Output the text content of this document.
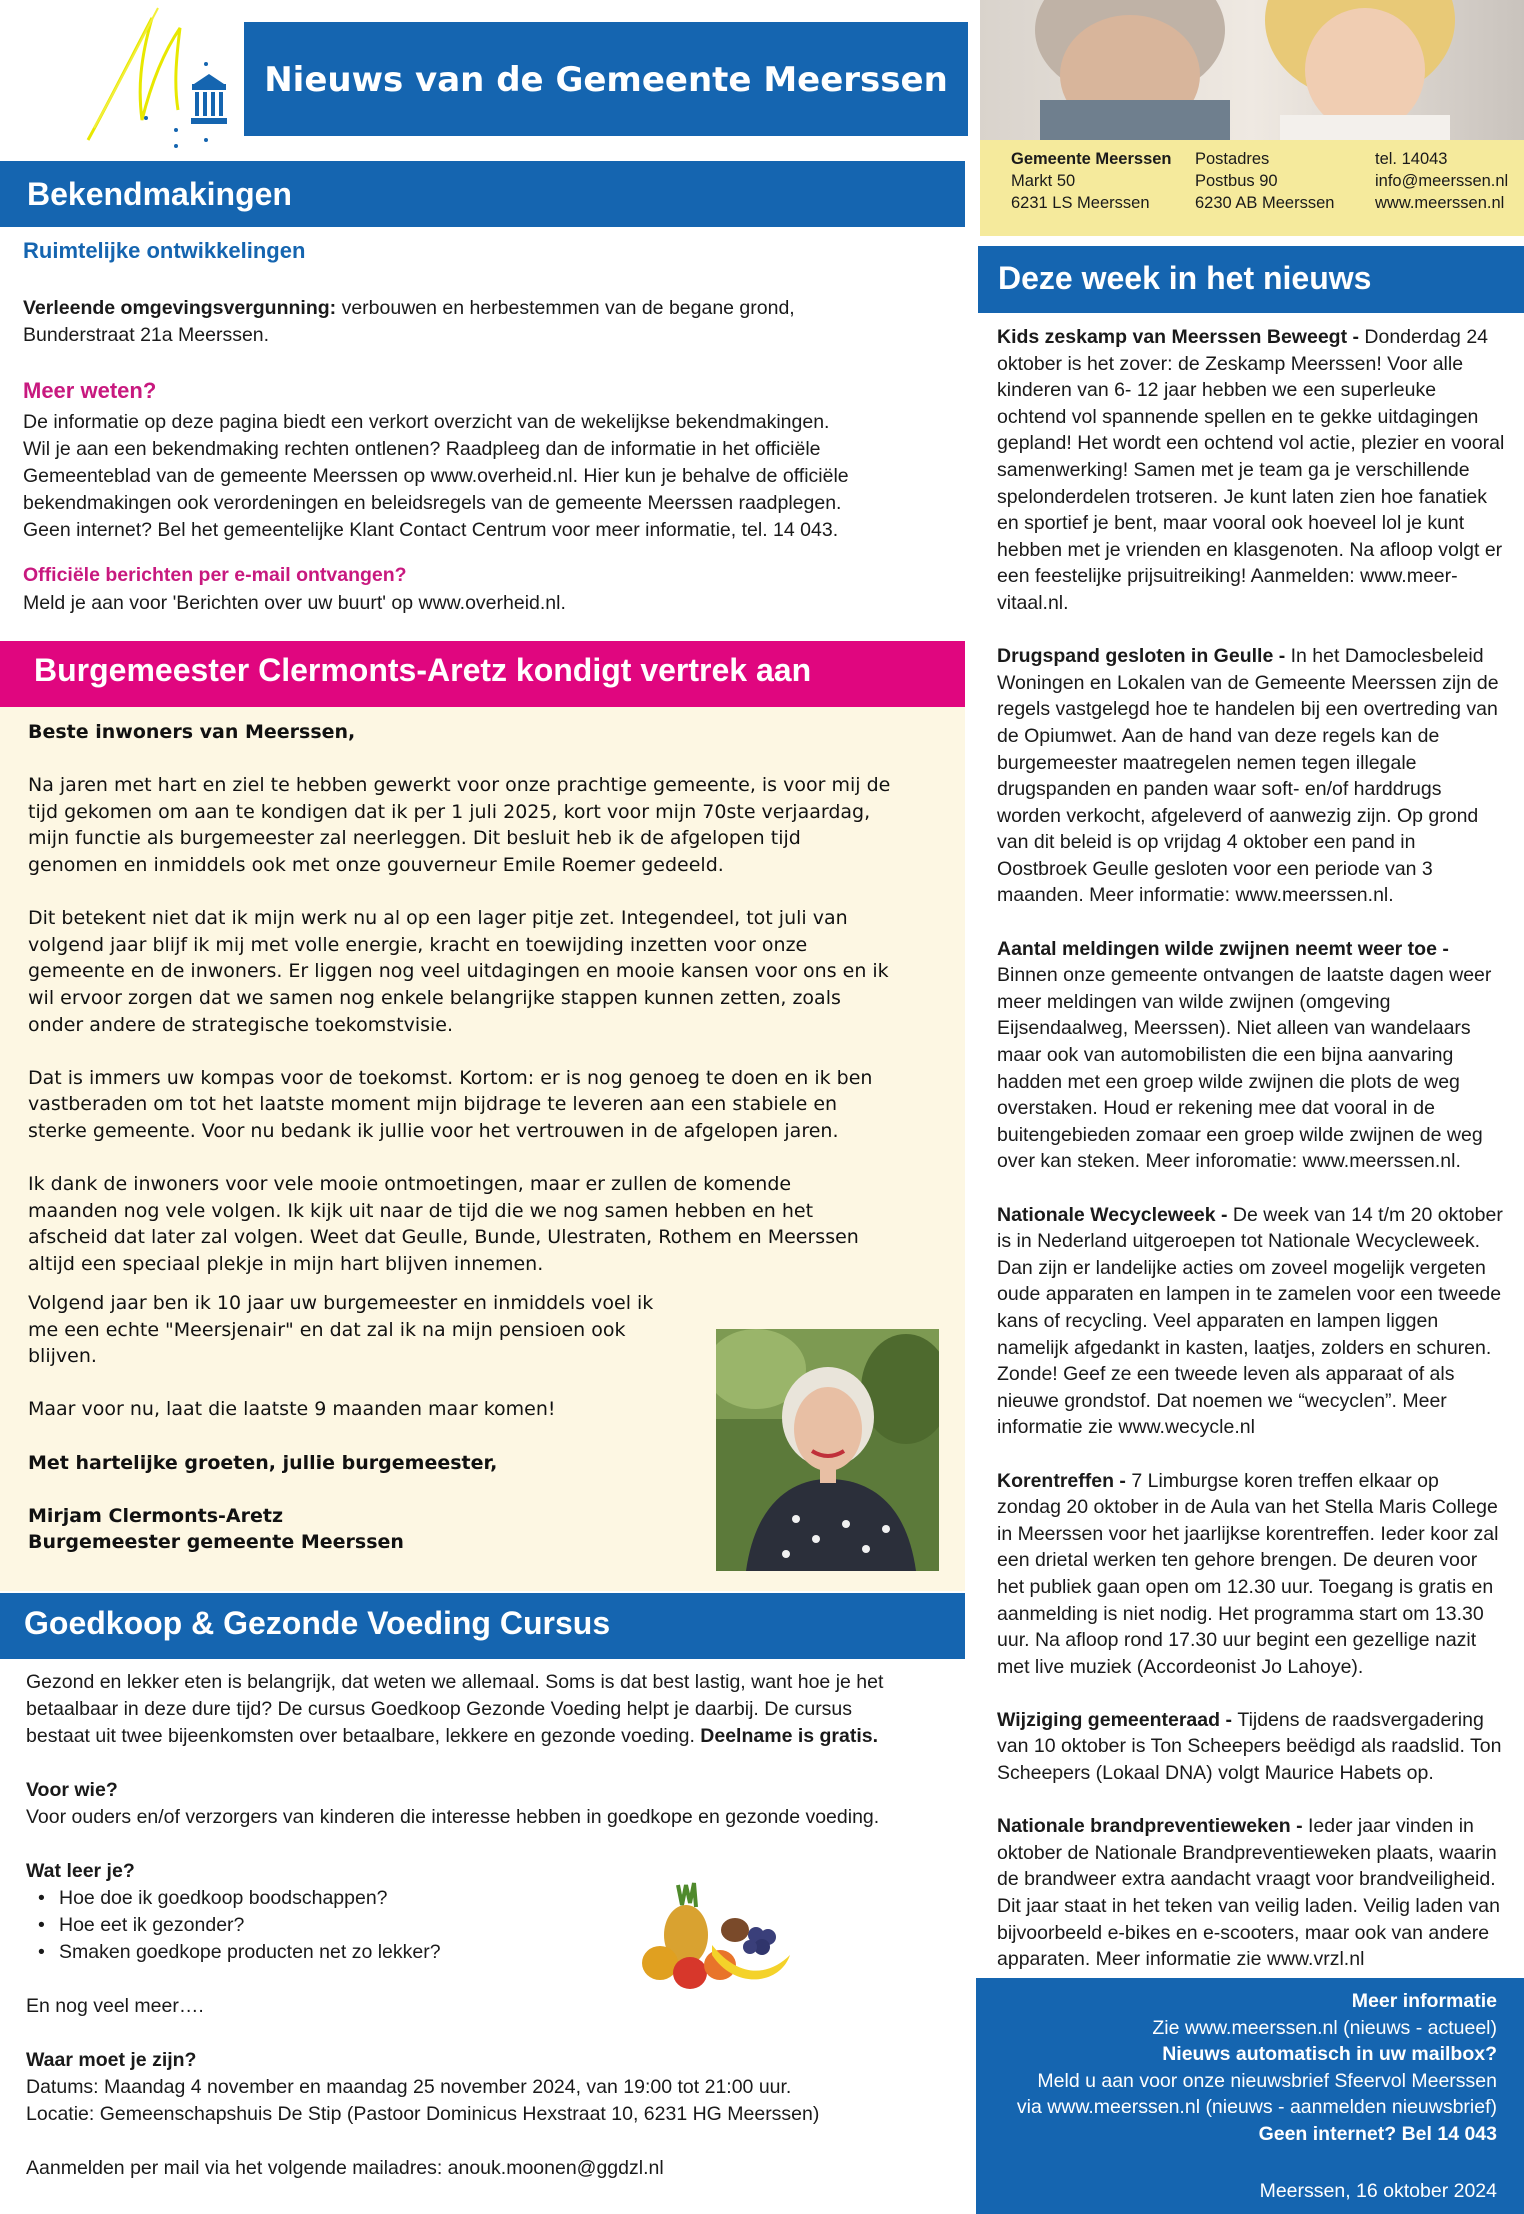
Nieuws van de Gemeente Meerssen
Gemeente Meerssen
Markt 50
6231 LS Meerssen
Postadres
Postbus 90
6230 AB Meerssen
tel. 14043
info@meerssen.nl
www.meerssen.nl
Bekendmakingen
Ruimtelijke ontwikkelingen

Verleende omgevingsvergunning: verbouwen en herbestemmen van de begane grond,

Bunderstraat 21a Meerssen.

Meer weten?

De informatie op deze pagina biedt een verkort overzicht van de wekelijkse bekendmakingen.

Wil je aan een bekendmaking rechten ontlenen? Raadpleeg dan de informatie in het officiële

Gemeenteblad van de gemeente Meerssen op www.overheid.nl. Hier kun je behalve de officiële

bekendmakingen ook verordeningen en beleidsregels van de gemeente Meerssen raadplegen.

Geen internet? Bel het gemeentelijke Klant Contact Centrum voor meer informatie, tel. 14 043.

Officiële berichten per e-mail ontvangen?
Meld je aan voor 'Berichten over uw buurt' op www.overheid.nl.
Burgemeester Clermonts-Aretz kondigt vertrek aan

Beste inwoners van Meerssen,

Na jaren met hart en ziel te hebben gewerkt voor onze prachtige gemeente, is voor mij de

tijd gekomen om aan te kondigen dat ik per 1 juli 2025, kort voor mijn 70ste verjaardag,

mijn functie als burgemeester zal neerleggen. Dit besluit heb ik de afgelopen tijd

genomen en inmiddels ook met onze gouverneur Emile Roemer gedeeld.

Dit betekent niet dat ik mijn werk nu al op een lager pitje zet. Integendeel, tot juli van

volgend jaar blijf ik mij met volle energie, kracht en toewijding inzetten voor onze

gemeente en de inwoners. Er liggen nog veel uitdagingen en mooie kansen voor ons en ik

wil ervoor zorgen dat we samen nog enkele belangrijke stappen kunnen zetten, zoals

onder andere de strategische toekomstvisie.

Dat is immers uw kompas voor de toekomst. Kortom: er is nog genoeg te doen en ik ben

vastberaden om tot het laatste moment mijn bijdrage te leveren aan een stabiele en

sterke gemeente. Voor nu bedank ik jullie voor het vertrouwen in de afgelopen jaren.

Ik dank de inwoners voor vele mooie ontmoetingen, maar er zullen de komende

maanden nog vele volgen. Ik kijk uit naar de tijd die we nog samen hebben en het

afscheid dat later zal volgen. Weet dat Geulle, Bunde, Ulestraten, Rothem en Meerssen

altijd een speciaal plekje in mijn hart blijven innemen.

Volgend jaar ben ik 10 jaar uw burgemeester en inmiddels voel ik

me een echte "Meersjenair" en dat zal ik na mijn pensioen ook

blijven.

Maar voor nu, laat die laatste 9 maanden maar komen!

Met hartelijke groeten, jullie burgemeester,

Mirjam Clermonts-Aretz

Burgemeester gemeente Meerssen

Goedkoop & Gezonde Voeding Cursus

Gezond en lekker eten is belangrijk, dat weten we allemaal. Soms is dat best lastig, want hoe je het

betaalbaar in deze dure tijd? De cursus Goedkoop Gezonde Voeding helpt je daarbij. De cursus

bestaat uit twee bijeenkomsten over betaalbare, lekkere en gezonde voeding. Deelname is gratis.

Voor wie?

Voor ouders en/of verzorgers van kinderen die interesse hebben in goedkope en gezonde voeding.

Wat leer je?

• Hoe doe ik goedkoop boodschappen?
• Hoe eet ik gezonder?
• Smaken goedkope producten net zo lekker?

En nog veel meer….

Waar moet je zijn?

Datums: Maandag 4 november en maandag 25 november 2024, van 19:00 tot 21:00 uur.

Locatie: Gemeenschapshuis De Stip (Pastoor Dominicus Hexstraat 10, 6231 HG Meerssen)

Aanmelden per mail via het volgende mailadres: anouk.moonen@ggdzl.nl

Deze week in het nieuws

Kids zeskamp van Meerssen Beweegt - Donderdag 24 oktober is het zover: de Zeskamp Meerssen! Voor alle kinderen van 6- 12 jaar hebben we een superleuke ochtend vol spannende spellen en te gekke uitdagingen gepland! Het wordt een ochtend vol actie, plezier en vooral samenwerking! Samen met je team ga je verschillende spelonderdelen trotseren. Je kunt laten zien hoe fanatiek en sportief je bent, maar vooral ook hoeveel lol je kunt hebben met je vrienden en klasgenoten. Na afloop volgt er een feestelijke prijsuitreiking! Aanmelden: www.meer-vitaal.nl.

Drugspand gesloten in Geulle - In het Damoclesbeleid Woningen en Lokalen van de Gemeente Meerssen zijn de regels vastgelegd hoe te handelen bij een overtreding van de Opiumwet. Aan de hand van deze regels kan de burgemeester maatregelen nemen tegen illegale drugspanden en panden waar soft- en/of harddrugs worden verkocht, afgeleverd of aanwezig zijn. Op grond van dit beleid is op vrijdag 4 oktober een pand in Oostbroek Geulle gesloten voor een periode van 3 maanden. Meer informatie: www.meerssen.nl.

Aantal meldingen wilde zwijnen neemt weer toe - Binnen onze gemeente ontvangen de laatste dagen weer meer meldingen van wilde zwijnen (omgeving Eijsendaalweg, Meerssen). Niet alleen van wandelaars maar ook van automobilisten die een bijna aanvaring hadden met een groep wilde zwijnen die plots de weg overstaken. Houd er rekening mee dat vooral in de buitengebieden zomaar een groep wilde zwijnen de weg over kan steken. Meer inforomatie: www.meerssen.nl.

Nationale Wecycleweek - De week van 14 t/m 20 oktober is in Nederland uitgeroepen tot Nationale Wecycleweek. Dan zijn er landelijke acties om zoveel mogelijk vergeten oude apparaten en lampen in te zamelen voor een tweede kans of recycling. Veel apparaten en lampen liggen namelijk afgedankt in kasten, laatjes, zolders en schuren. Zonde! Geef ze een tweede leven als apparaat of als nieuwe grondstof. Dat noemen we “wecyclen”. Meer informatie zie www.wecycle.nl

Korentreffen - 7 Limburgse koren treffen elkaar op zondag 20 oktober in de Aula van het Stella Maris College in Meerssen voor het jaarlijkse korentreffen. Ieder koor zal een drietal werken ten gehore brengen. De deuren voor het publiek gaan open om 12.30 uur. Toegang is gratis en aanmelding is niet nodig. Het programma start om 13.30 uur. Na afloop rond 17.30 uur begint een gezellige nazit met live muziek (Accordeonist Jo Lahoye).

Wijziging gemeenteraad - Tijdens de raadsvergadering van 10 oktober is Ton Scheepers beëdigd als raadslid. Ton Scheepers (Lokaal DNA) volgt Maurice Habets op.

Nationale brandpreventieweken - Ieder jaar vinden in oktober de Nationale Brandpreventieweken plaats, waarin de brandweer extra aandacht vraagt voor brandveiligheid. Dit jaar staat in het teken van veilig laden. Veilig laden van bijvoorbeeld e-bikes en e-scooters, maar ook van andere apparaten. Meer informatie zie www.vrzl.nl

Meer informatie
Zie www.meerssen.nl (nieuws - actueel)
Nieuws automatisch in uw mailbox?
Meld u aan voor onze nieuwsbrief Sfeervol Meerssen
via www.meerssen.nl (nieuws - aanmelden nieuwsbrief)
Geen internet? Bel 14 043
Meerssen, 16 oktober 2024
